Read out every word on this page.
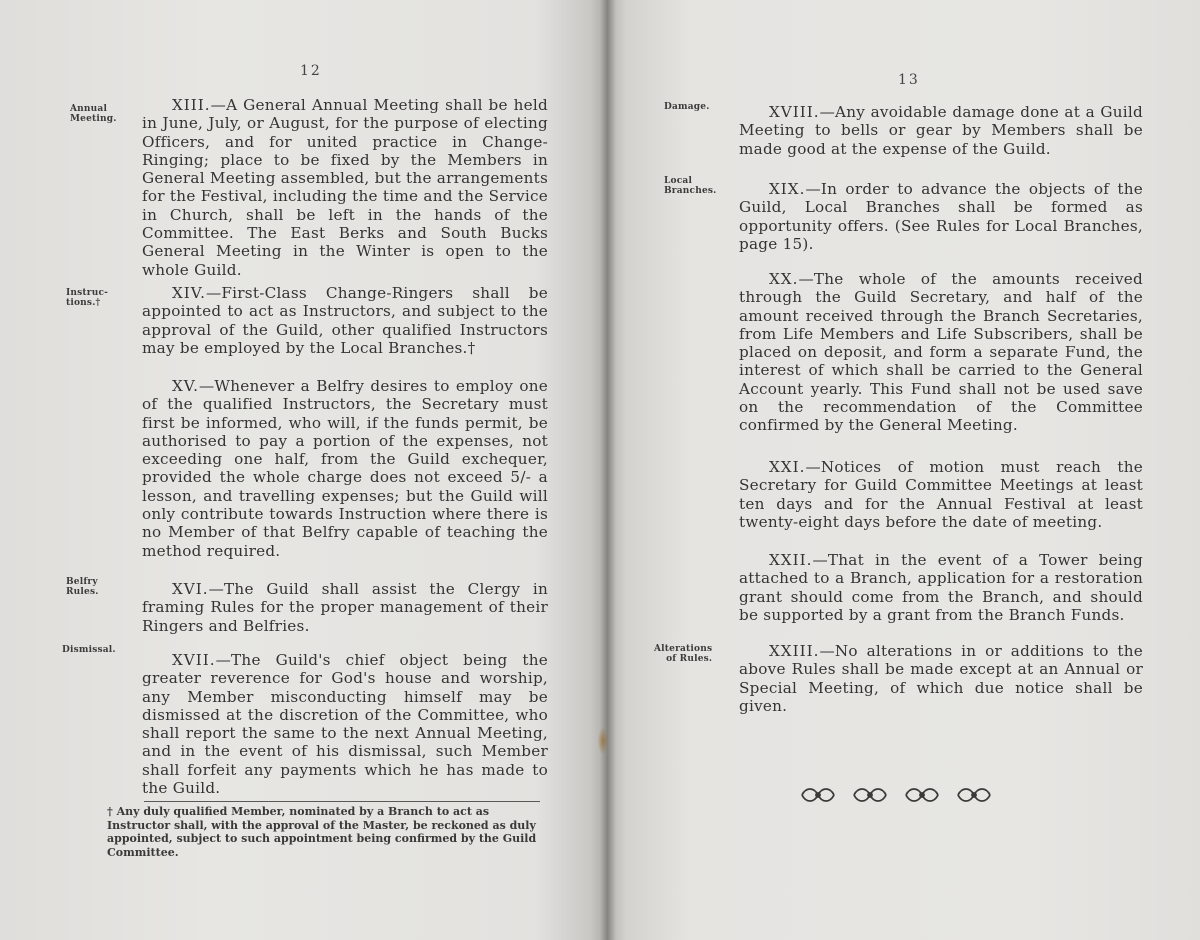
12
Annual
Meeting.
Instruc-
tions.†
Belfry
Rules.
Dismissal.
XIII.—A General Annual Meeting shall be held in June, July, or August, for the purpose of electing Officers, and for united practice in Change-Ringing; place to be fixed by the Members in General Meeting assembled, but the arrangements for the Festival, including the time and the Service in Church, shall be left in the hands of the Committee. The East Berks and South Bucks General Meeting in the Winter is open to the whole Guild.
XIV.—First-Class Change-Ringers shall be appointed to act as Instructors, and subject to the approval of the Guild, other qualified Instructors may be employed by the Local Branches.†
XV.—Whenever a Belfry desires to employ one of the qualified Instructors, the Secretary must first be informed, who will, if the funds permit, be authorised to pay a portion of the expenses, not exceeding one half, from the Guild exchequer, provided the whole charge does not exceed 5/- a lesson, and travelling expenses; but the Guild will only contribute towards Instruction where there is no Member of that Belfry capable of teaching the method required.
XVI.—The Guild shall assist the Clergy in framing Rules for the proper management of their Ringers and Belfries.
XVII.—The Guild's chief object being the greater reverence for God's house and worship, any Member misconducting himself may be dismissed at the discretion of the Committee, who shall report the same to the next Annual Meeting, and in the event of his dismissal, such Member shall forfeit any payments which he has made to the Guild.
† Any duly qualified Member, nominated by a Branch to act as Instructor shall, with the approval of the Master, be reckoned as duly appointed, subject to such appointment being confirmed by the Guild Committee.
13
Damage.
Local
Branches.
Alterations
of Rules.
XVIII.—Any avoidable damage done at a Guild Meeting to bells or gear by Members shall be made good at the expense of the Guild.
XIX.—In order to advance the objects of the Guild, Local Branches shall be formed as opportunity offers. (See Rules for Local Branches, page 15).
XX.—The whole of the amounts received through the Guild Secretary, and half of the amount received through the Branch Secretaries, from Life Members and Life Subscribers, shall be placed on deposit, and form a separate Fund, the interest of which shall be carried to the General Account yearly. This Fund shall not be used save on the recommendation of the Committee confirmed by the General Meeting.
XXI.—Notices of motion must reach the Secretary for Guild Committee Meetings at least ten days and for the Annual Festival at least twenty-eight days before the date of meeting.
XXII.—That in the event of a Tower being attached to a Branch, application for a restoration grant should come from the Branch, and should be supported by a grant from the Branch Funds.
XXIII.—No alterations in or additions to the above Rules shall be made except at an Annual or Special Meeting, of which due notice shall be given.
